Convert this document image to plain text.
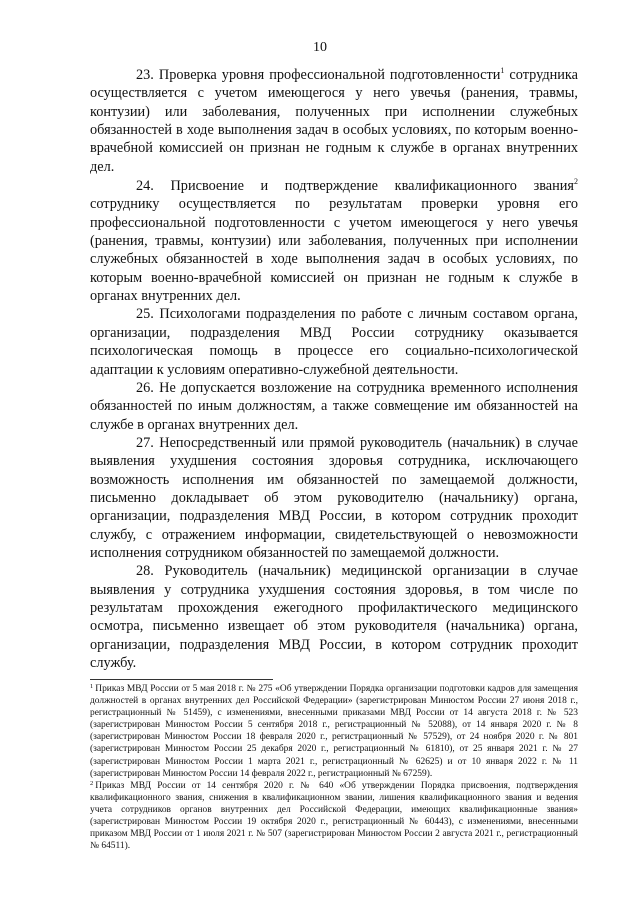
10

23. Проверка уровня профессиональной подготовленности$^1$ сотрудника осуществляется с учетом имеющегося у него увечья (ранения, травмы, контузии) или заболевания, полученных при исполнении служебных обязанностей в ходе выполнения задач в особых условиях, по которым военно-врачебной комиссией он признан не годным к службе в органах внутренних дел.

24. Присвоение и подтверждение квалификационного звания$^2$ сотруднику осуществляется по результатам проверки уровня его профессиональной подготовленности с учетом имеющегося у него увечья (ранения, травмы, контузии) или заболевания, полученных при исполнении служебных обязанностей в ходе выполнения задач в особых условиях, по которым военно-врачебной комиссией он признан не годным к службе в органах внутренних дел.

25. Психологами подразделения по работе с личным составом органа, организации, подразделения МВД России сотруднику оказывается психологическая помощь в процессе его социально-психологической адаптации к условиям оперативно-служебной деятельности.

26. Не допускается возложение на сотрудника временного исполнения обязанностей по иным должностям, а также совмещение им обязанностей на службе в органах внутренних дел.

27. Непосредственный или прямой руководитель (начальник) в случае выявления ухудшения состояния здоровья сотрудника, исключающего возможность исполнения им обязанностей по замещаемой должности, письменно докладывает об этом руководителю (начальнику) органа, организации, подразделения МВД России, в котором сотрудник проходит службу, с отражением информации, свидетельствующей о невозможности исполнения сотрудником обязанностей по замещаемой должности.

28. Руководитель (начальник) медицинской организации в случае выявления у сотрудника ухудшения состояния здоровья, в том числе по результатам прохождения ежегодного профилактического медицинского осмотра, письменно извещает об этом руководителя (начальника) органа, организации, подразделения МВД России, в котором сотрудник проходит службу.

$^1$ Приказ МВД России от 5 мая 2018 г. № 275 «Об утверждении Порядка организации подготовки кадров для замещения должностей в органах внутренних дел Российской Федерации» (зарегистрирован Минюстом России 27 июня 2018 г., регистрационный № 51459), с изменениями, внесенными приказами МВД России от 14 августа 2018 г. № 523 (зарегистрирован Минюстом России 5 сентября 2018 г., регистрационный № 52088), от 14 января 2020 г. № 8 (зарегистрирован Минюстом России 18 февраля 2020 г., регистрационный № 57529), от 24 ноября 2020 г. № 801 (зарегистрирован Минюстом России 25 декабря 2020 г., регистрационный № 61810), от 25 января 2021 г. № 27 (зарегистрирован Минюстом России 1 марта 2021 г., регистрационный № 62625) и от 10 января 2022 г. № 11 (зарегистрирован Минюстом России 14 февраля 2022 г., регистрационный № 67259).

$^2$ Приказ МВД России от 14 сентября 2020 г. № 640 «Об утверждении Порядка присвоения, подтверждения квалификационного звания, снижения в квалификационном звании, лишения квалификационного звания и ведения учета сотрудников органов внутренних дел Российской Федерации, имеющих квалификационные звания» (зарегистрирован Минюстом России 19 октября 2020 г., регистрационный № 60443), с изменениями, внесенными приказом МВД России от 1 июля 2021 г. № 507 (зарегистрирован Минюстом России 2 августа 2021 г., регистрационный № 64511).
